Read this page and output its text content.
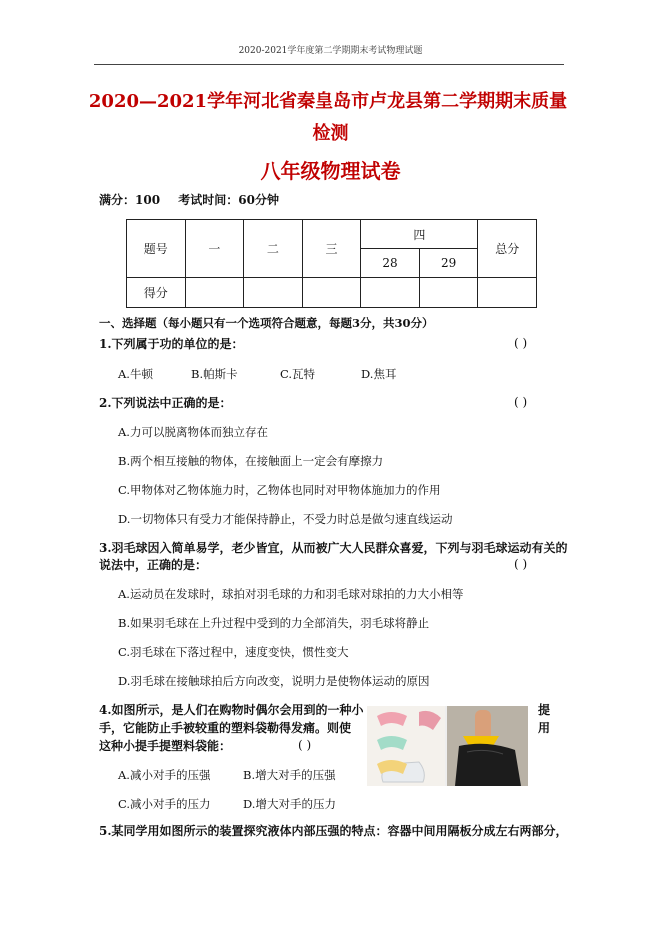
2020-2021学年度第二学期期末考试物理试题
2020—2021学年河北省秦皇岛市卢龙县第二学期期末质量
检测
八年级物理试卷
满分：100 考试时间：60分钟
题号	一	二	三	四		总分
				28	29	
得分						
一、选择题（每小题只有一个选项符合题意，每题3分，共30分）
1.下列属于功的单位的是：	( )
A.牛顿	B.帕斯卡	C.瓦特	D.焦耳
2.下列说法中正确的是：	( )
A.力可以脱离物体而独立存在
B.两个相互接触的物体，在接触面上一定会有摩擦力
C.甲物体对乙物体施力时，乙物体也同时对甲物体施加力的作用
D.一切物体只有受力才能保持静止，不受力时总是做匀速直线运动
3.羽毛球因入简单易学，老少皆宜，从而被广大人民群众喜爱，下列与羽毛球运动有关的
说法中，正确的是：	( )
A.运动员在发球时，球拍对羽毛球的力和羽毛球对球拍的力大小相等
B.如果羽毛球在上升过程中受到的力全部消失，羽毛球将静止
C.羽毛球在下落过程中，速度变快，惯性变大
D.羽毛球在接触球拍后方向改变，说明力是使物体运动的原因
4.如图所示，是人们在购物时偶尔会用到的一种小	提
手，它能防止手被较重的塑料袋勒得发痛。则使	用
这种小提手提塑料袋能：	( )
A.减小对手的压强	B.增大对手的压强
C.减小对手的压力	D.增大对手的压力
5.某同学用如图所示的装置探究液体内部压强的特点：容器中间用隔板分成左右两部分，
